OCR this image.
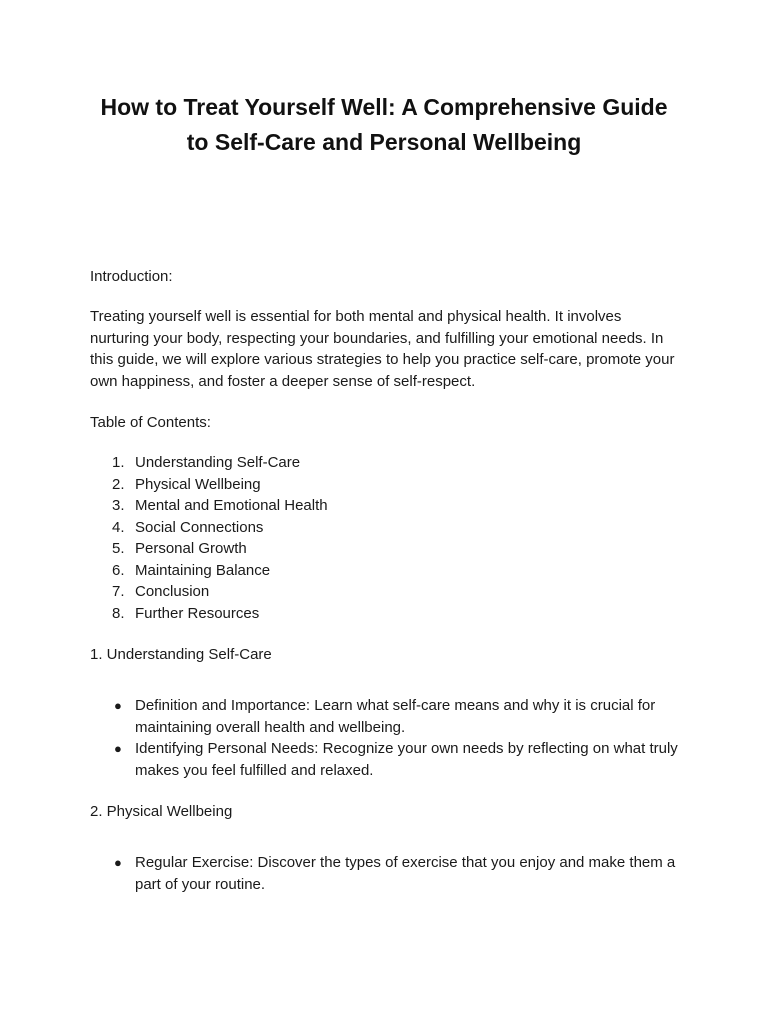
How to Treat Yourself Well: A Comprehensive Guide to Self-Care and Personal Wellbeing

Introduction:

Treating yourself well is essential for both mental and physical health. It involves nurturing your body, respecting your boundaries, and fulfilling your emotional needs. In this guide, we will explore various strategies to help you practice self-care, promote your own happiness, and foster a deeper sense of self-respect.

Table of Contents:

1. Understanding Self-Care
2. Physical Wellbeing
3. Mental and Emotional Health
4. Social Connections
5. Personal Growth
6. Maintaining Balance
7. Conclusion
8. Further Resources

1. Understanding Self-Care

● Definition and Importance: Learn what self-care means and why it is crucial for maintaining overall health and wellbeing.
● Identifying Personal Needs: Recognize your own needs by reflecting on what truly makes you feel fulfilled and relaxed.

2. Physical Wellbeing

● Regular Exercise: Discover the types of exercise that you enjoy and make them a part of your routine.
